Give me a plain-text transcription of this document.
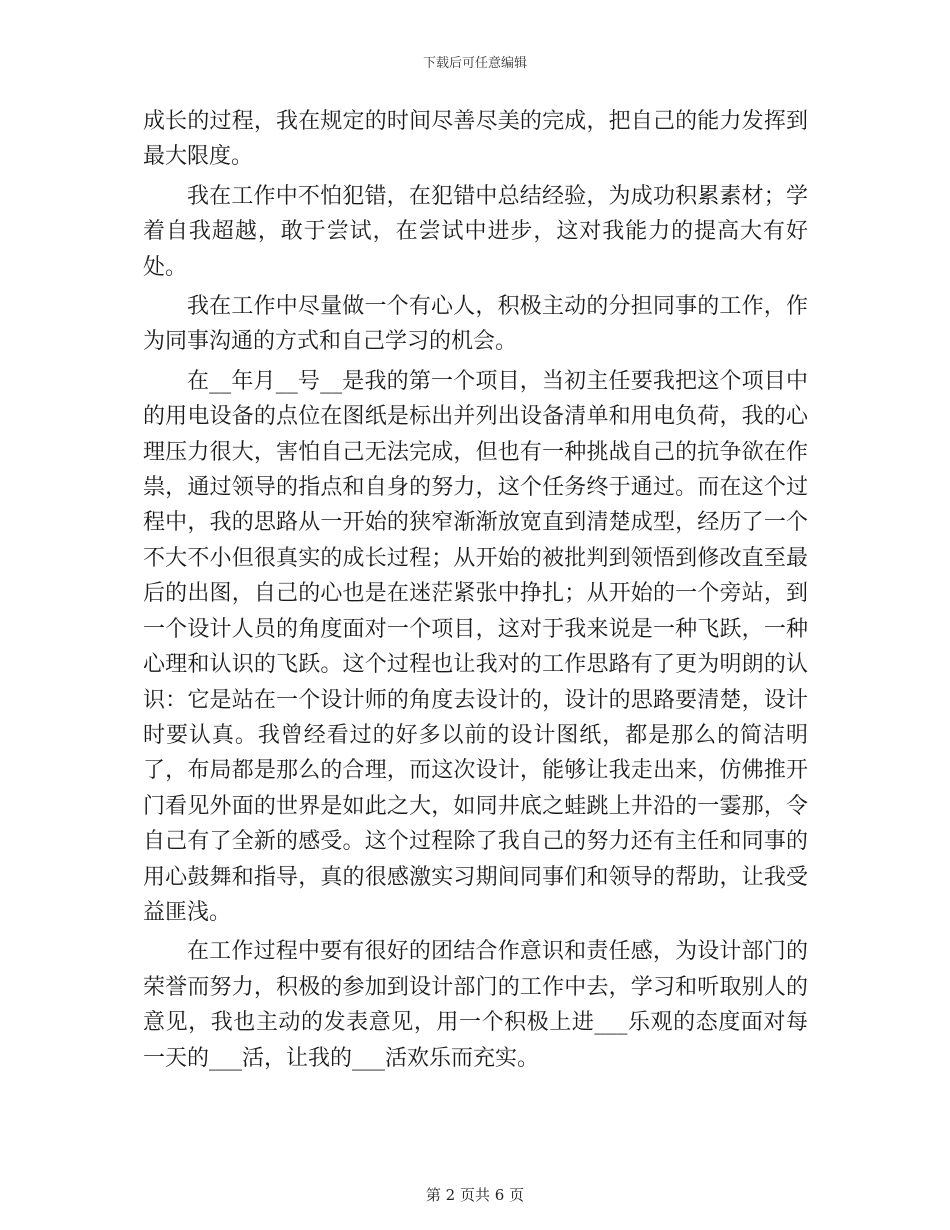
下载后可任意编辑

成长的过程，我在规定的时间尽善尽美的完成，把自己的能力发挥到最大限度。

我在工作中不怕犯错，在犯错中总结经验，为成功积累素材；学着自我超越，敢于尝试，在尝试中进步，这对我能力的提高大有好处。

我在工作中尽量做一个有心人，积极主动的分担同事的工作，作为同事沟通的方式和自己学习的机会。

在__年月__号__是我的第一个项目，当初主任要我把这个项目中的用电设备的点位在图纸是标出并列出设备清单和用电负荷，我的心理压力很大，害怕自己无法完成，但也有一种挑战自己的抗争欲在作祟，通过领导的指点和自身的努力，这个任务终于通过。而在这个过程中，我的思路从一开始的狭窄渐渐放宽直到清楚成型，经历了一个不大不小但很真实的成长过程；从开始的被批判到领悟到修改直至最后的出图，自己的心也是在迷茫紧张中挣扎；从开始的一个旁站，到一个设计人员的角度面对一个项目，这对于我来说是一种飞跃，一种心理和认识的飞跃。这个过程也让我对的工作思路有了更为明朗的认识：它是站在一个设计师的角度去设计的，设计的思路要清楚，设计时要认真。我曾经看过的好多以前的设计图纸，都是那么的简洁明了，布局都是那么的合理，而这次设计，能够让我走出来，仿佛推开门看见外面的世界是如此之大，如同井底之蛙跳上井沿的一霎那，令自己有了全新的感受。这个过程除了我自己的努力还有主任和同事的用心鼓舞和指导，真的很感激实习期间同事们和领导的帮助，让我受益匪浅。

在工作过程中要有很好的团结合作意识和责任感，为设计部门的荣誉而努力，积极的参加到设计部门的工作中去，学习和听取别人的意见，我也主动的发表意见，用一个积极上进___乐观的态度面对每一天的___活，让我的___活欢乐而充实。

第 2 页共 6 页
